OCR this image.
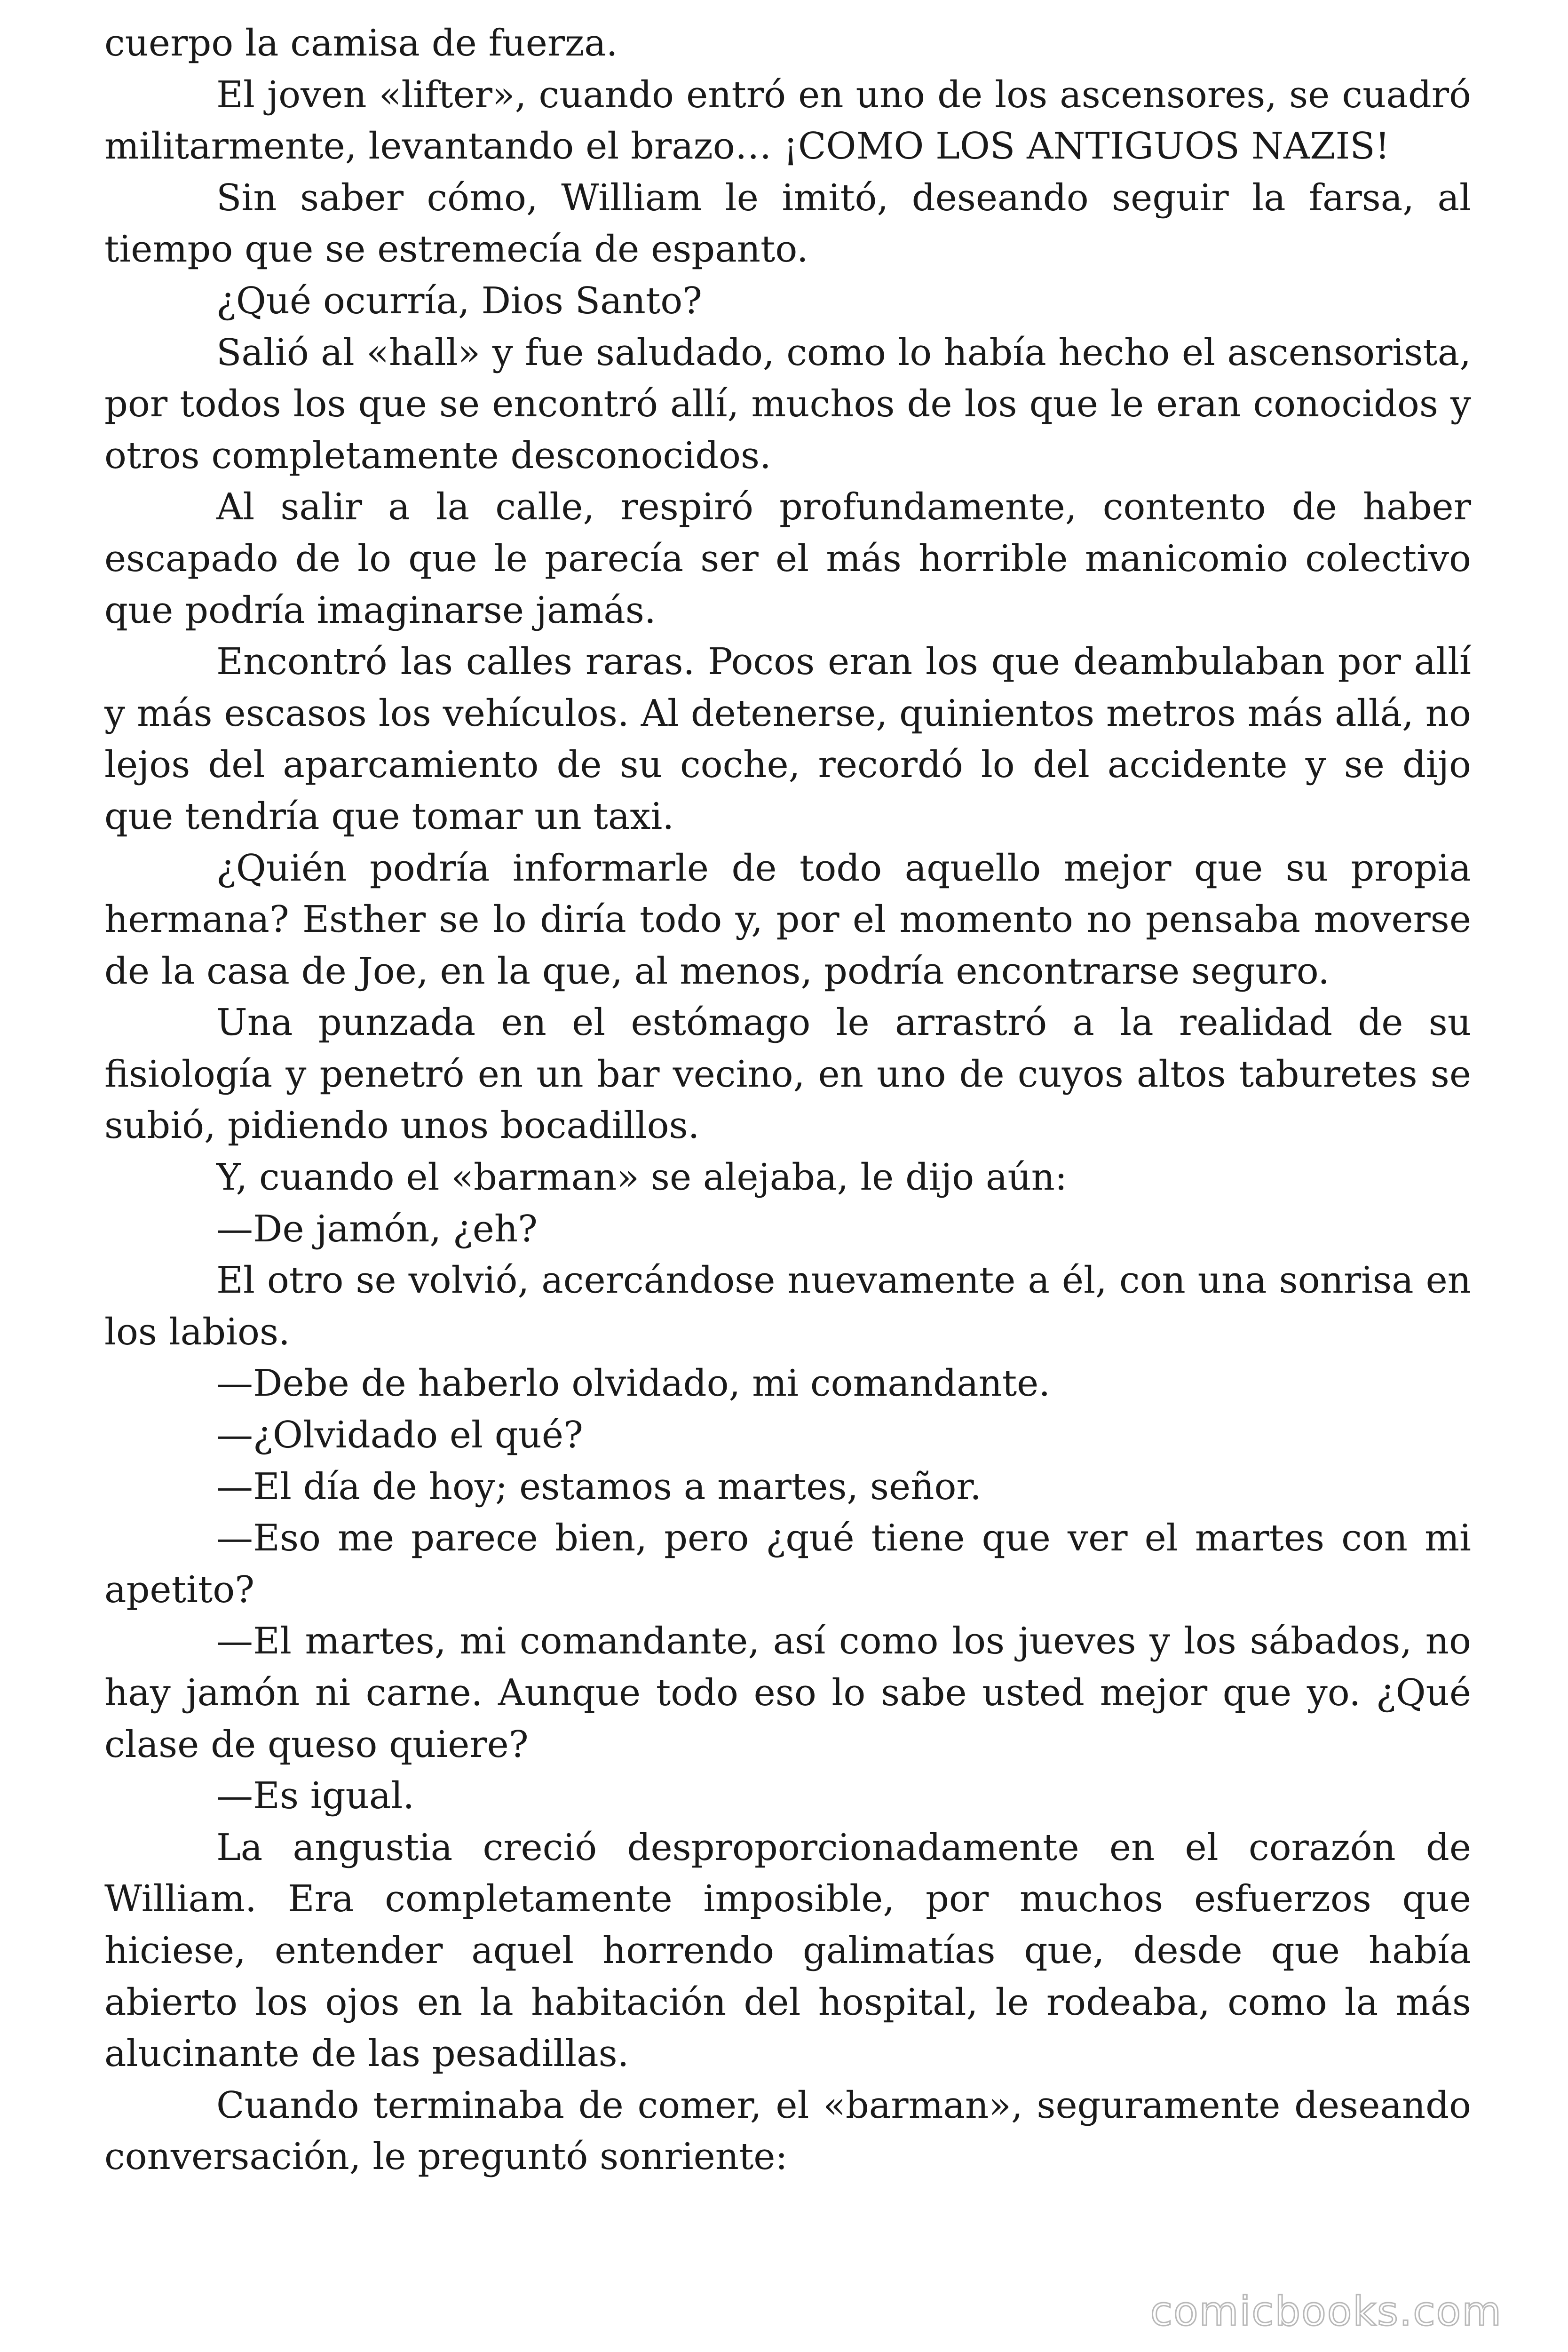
cuerpo la camisa de fuerza.

El joven «lifter», cuando entró en uno de los ascensores, se cuadró militarmente, levantando el brazo… ¡COMO LOS ANTIGUOS NAZIS!

Sin saber cómo, William le imitó, deseando seguir la farsa, al tiempo que se estremecía de espanto.

¿Qué ocurría, Dios Santo?

Salió al «hall» y fue saludado, como lo había hecho el ascensorista, por todos los que se encontró allí, muchos de los que le eran conocidos y otros completamente desconocidos.

Al salir a la calle, respiró profundamente, contento de haber escapado de lo que le parecía ser el más horrible manicomio colectivo que podría imaginarse jamás.

Encontró las calles raras. Pocos eran los que deambulaban por allí y más escasos los vehículos. Al detenerse, quinientos metros más allá, no lejos del aparcamiento de su coche, recordó lo del accidente y se dijo que tendría que tomar un taxi.

¿Quién podría informarle de todo aquello mejor que su propia hermana? Esther se lo diría todo y, por el momento no pensaba moverse de la casa de Joe, en la que, al menos, podría encontrarse seguro.

Una punzada en el estómago le arrastró a la realidad de su fisiología y penetró en un bar vecino, en uno de cuyos altos taburetes se subió, pidiendo unos bocadillos.

Y, cuando el «barman» se alejaba, le dijo aún:

—De jamón, ¿eh?

El otro se volvió, acercándose nuevamente a él, con una sonrisa en los labios.

—Debe de haberlo olvidado, mi comandante.

—¿Olvidado el qué?

—El día de hoy; estamos a martes, señor.

—Eso me parece bien, pero ¿qué tiene que ver el martes con mi apetito?

—El martes, mi comandante, así como los jueves y los sábados, no hay jamón ni carne. Aunque todo eso lo sabe usted mejor que yo. ¿Qué clase de queso quiere?

—Es igual.

La angustia creció desproporcionadamente en el corazón de William. Era completamente imposible, por muchos esfuerzos que hiciese, entender aquel horrendo galimatías que, desde que había abierto los ojos en la habitación del hospital, le rodeaba, como la más alucinante de las pesadillas.

Cuando terminaba de comer, el «barman», seguramente deseando conversación, le preguntó sonriente:

comicbooks.com
